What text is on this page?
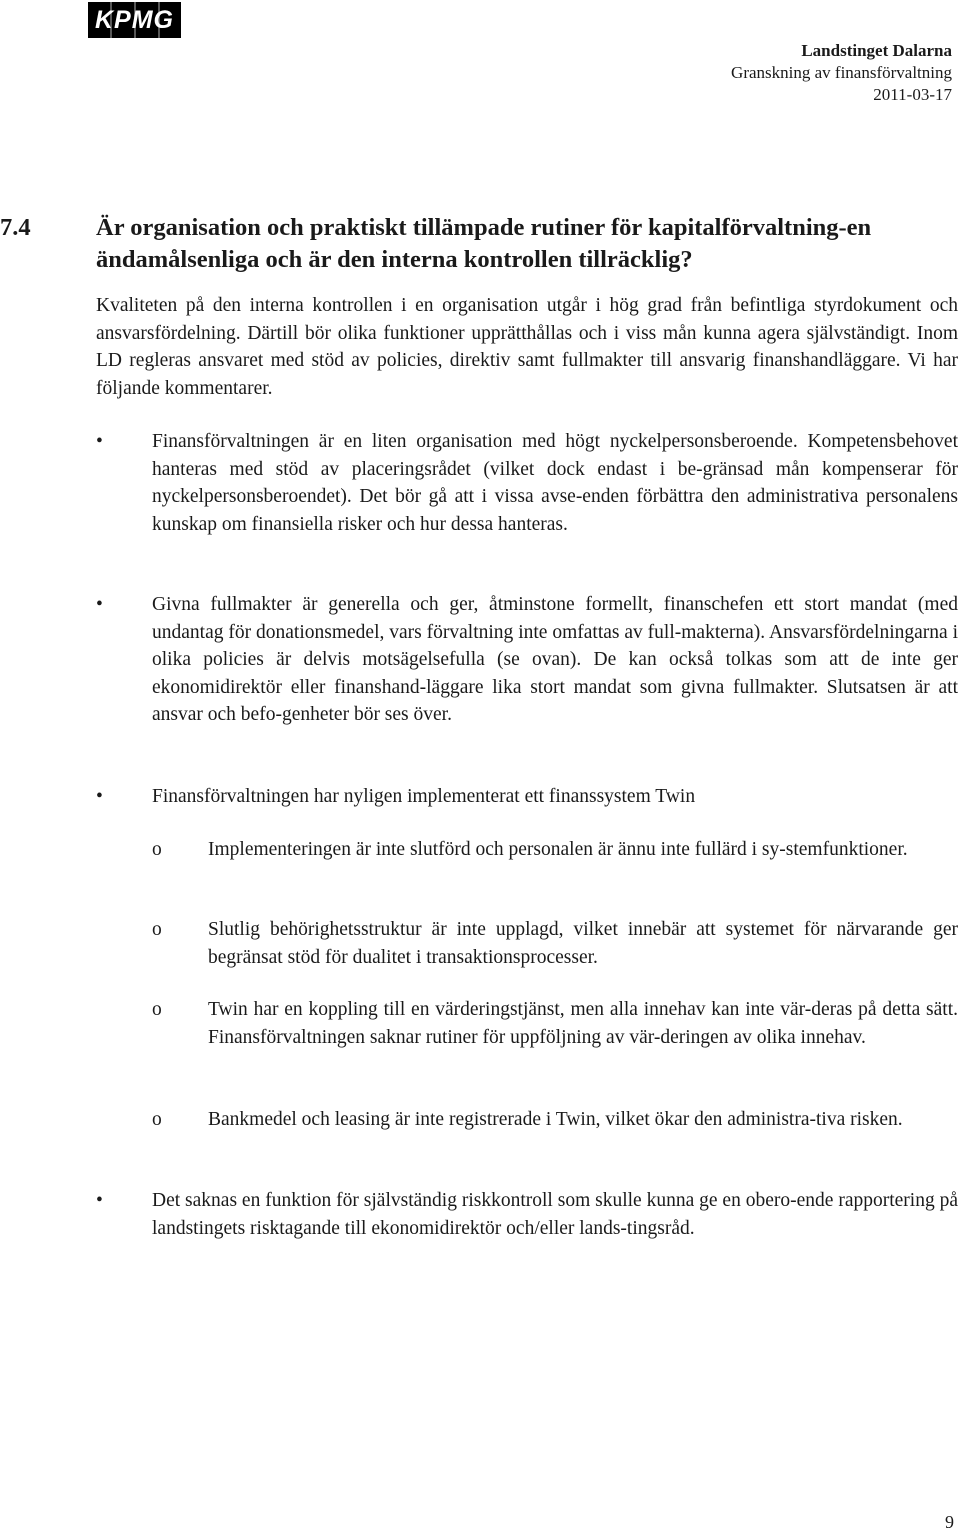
KPMG
Landstinget Dalarna
Granskning av finansförvaltning
2011-03-17
7.4	Är organisation och praktiskt tillämpade rutiner för kapitalförvaltning-en ändamålsenliga och är den interna kontrollen tillräcklig?

Kvaliteten på den interna kontrollen i en organisation utgår i hög grad från befintliga styrdokument och ansvarsfördelning. Därtill bör olika funktioner upprätthållas och i viss mån kunna agera självständigt. Inom LD regleras ansvaret med stöd av policies, direktiv samt fullmakter till ansvarig finanshandläggare. Vi har följande kommentarer.

•	Finansförvaltningen är en liten organisation med högt nyckelpersonsberoende. Kompetensbehovet hanteras med stöd av placeringsrådet (vilket dock endast i be-gränsad mån kompenserar för nyckelpersonsberoendet). Det bör gå att i vissa avse-enden förbättra den administrativa personalens kunskap om finansiella risker och hur dessa hanteras.
•	Givna fullmakter är generella och ger, åtminstone formellt, finanschefen ett stort mandat (med undantag för donationsmedel, vars förvaltning inte omfattas av full-makterna). Ansvarsfördelningarna i olika policies är delvis motsägelsefulla (se ovan). De kan också tolkas som att de inte ger ekonomidirektör eller finanshand-läggare lika stort mandat som givna fullmakter. Slutsatsen är att ansvar och befo-genheter bör ses över.
•	Finansförvaltningen har nyligen implementerat ett finanssystem Twin
o Implementeringen är inte slutförd och personalen är ännu inte fullärd i sy-stemfunktioner.
o Slutlig behörighetsstruktur är inte upplagd, vilket innebär att systemet för närvarande ger begränsat stöd för dualitet i transaktionsprocesser.
o Twin har en koppling till en värderingstjänst, men alla innehav kan inte vär-deras på detta sätt. Finansförvaltningen saknar rutiner för uppföljning av vär-deringen av olika innehav.
o Bankmedel och leasing är inte registrerade i Twin, vilket ökar den administra-tiva risken.
•	Det saknas en funktion för självständig riskkontroll som skulle kunna ge en obero-ende rapportering på landstingets risktagande till ekonomidirektör och/eller lands-tingsråd.
9
